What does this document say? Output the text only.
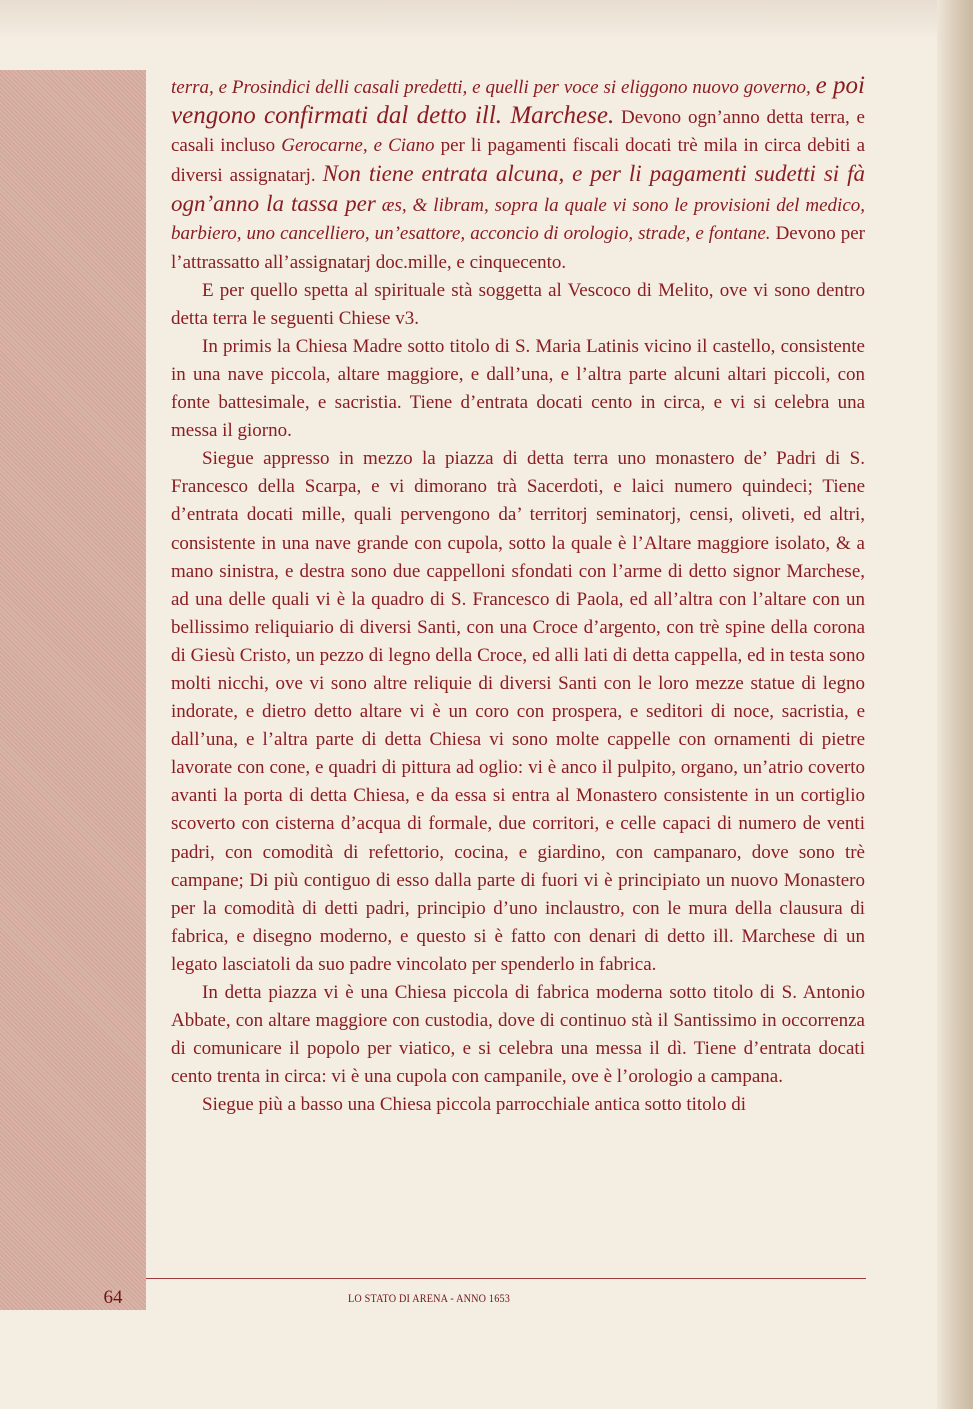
terra, e Prosindici delli casali predetti, e quelli per voce si eliggono nuovo governo, e poi vengono confirmati dal detto ill. Marchese. Devono ogn’anno detta terra, e casali incluso Gerocarne, e Ciano per li pagamenti fiscali docati trè mila in circa debiti a diversi assignatarj. Non tiene entrata alcuna, e per li pagamenti sudetti si fà ogn’anno la tassa per æs, & libram, sopra la quale vi sono le provisioni del medico, barbiero, uno cancelliero, un’esattore, acconcio di orologio, strade, e fontane. Devono per l’attrassatto all’assignatarj doc.mille, e cinquecento.

E per quello spetta al spirituale stà soggetta al Vescoco di Melito, ove vi sono dentro detta terra le seguenti Chiese v3.

In primis la Chiesa Madre sotto titolo di S. Maria Latinis vicino il castello, consistente in una nave piccola, altare maggiore, e dall’una, e l’altra parte alcuni altari piccoli, con fonte battesimale, e sacristia. Tiene d’entrata docati cento in circa, e vi si celebra una messa il giorno.

Siegue appresso in mezzo la piazza di detta terra uno monastero de’ Padri di S. Francesco della Scarpa, e vi dimorano trà Sacerdoti, e laici numero quindeci; Tiene d’entrata docati mille, quali pervengono da’ territorj seminatorj, censi, oliveti, ed altri, consistente in una nave grande con cupola, sotto la quale è l’Altare maggiore isolato, & a mano sinistra, e destra sono due cappelloni sfondati con l’arme di detto signor Marchese, ad una delle quali vi è la quadro di S. Francesco di Paola, ed all’altra con l’altare con un bellissimo reliquiario di diversi Santi, con una Croce d’argento, con trè spine della corona di Giesù Cristo, un pezzo di legno della Croce, ed alli lati di detta cappella, ed in testa sono molti nicchi, ove vi sono altre reliquie di diversi Santi con le loro mezze statue di legno indorate, e dietro detto altare vi è un coro con prospera, e seditori di noce, sacristia, e dall’una, e l’altra parte di detta Chiesa vi sono molte cappelle con ornamenti di pietre lavorate con cone, e quadri di pittura ad oglio: vi è anco il pulpito, organo, un’atrio coverto avanti la porta di detta Chiesa, e da essa si entra al Monastero consistente in un cortiglio scoverto con cisterna d’acqua di formale, due corritori, e celle capaci di numero de venti padri, con comodità di refettorio, cocina, e giardino, con campanaro, dove sono trè campane; Di più contiguo di esso dalla parte di fuori vi è principiato un nuovo Monastero per la comodità di detti padri, principio d’uno inclaustro, con le mura della clausura di fabrica, e disegno moderno, e questo si è fatto con denari di detto ill. Marchese di un legato lasciatoli da suo padre vincolato per spenderlo in fabrica.

In detta piazza vi è una Chiesa piccola di fabrica moderna sotto titolo di S. Antonio Abbate, con altare maggiore con custodia, dove di continuo stà il Santissimo in occorrenza di comunicare il popolo per viatico, e si celebra una messa il dì. Tiene d’entrata docati cento trenta in circa: vi è una cupola con campanile, ove è l’orologio a campana.

Siegue più a basso una Chiesa piccola parrocchiale antica sotto titolo di

64	LO STATO DI ARENA - ANNO 1653
